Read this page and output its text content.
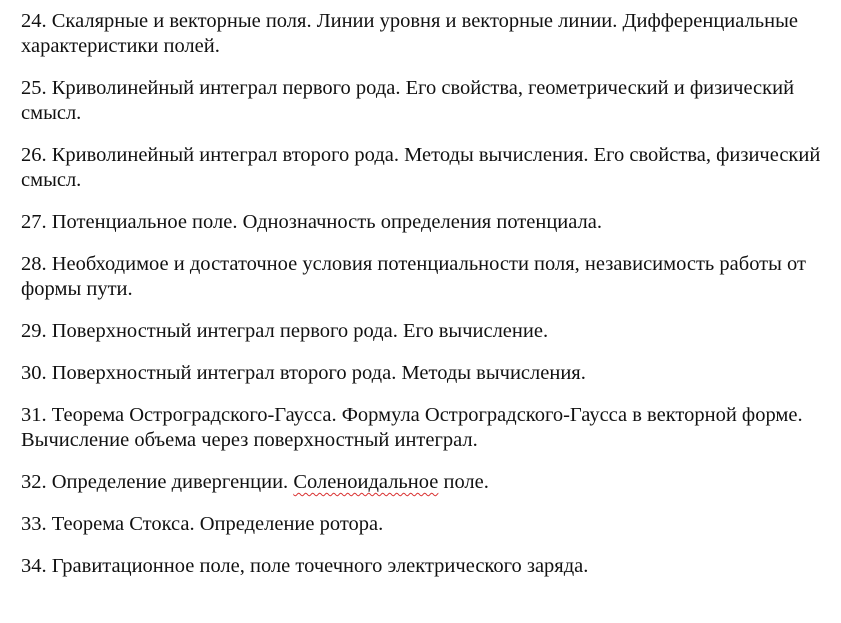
24. Скалярные и векторные поля. Линии уровня и векторные линии. Дифференциальные характеристики полей.

25. Криволинейный интеграл первого рода. Его свойства, геометрический и физический смысл.

26. Криволинейный интеграл второго рода. Методы вычисления. Его свойства, физический смысл.

27. Потенциальное поле. Однозначность определения потенциала.

28. Необходимое и достаточное условия потенциальности поля, независимость работы от формы пути.

29. Поверхностный интеграл первого рода. Его вычисление.

30. Поверхностный интеграл второго рода. Методы вычисления.

31. Теорема Остроградского-Гаусса. Формула Остроградского-Гаусса в векторной форме. Вычисление объема через поверхностный интеграл.

32. Определение дивергенции. Соленоидальное поле.

33. Теорема Стокса. Определение ротора.

34. Гравитационное поле, поле точечного электрического заряда.
